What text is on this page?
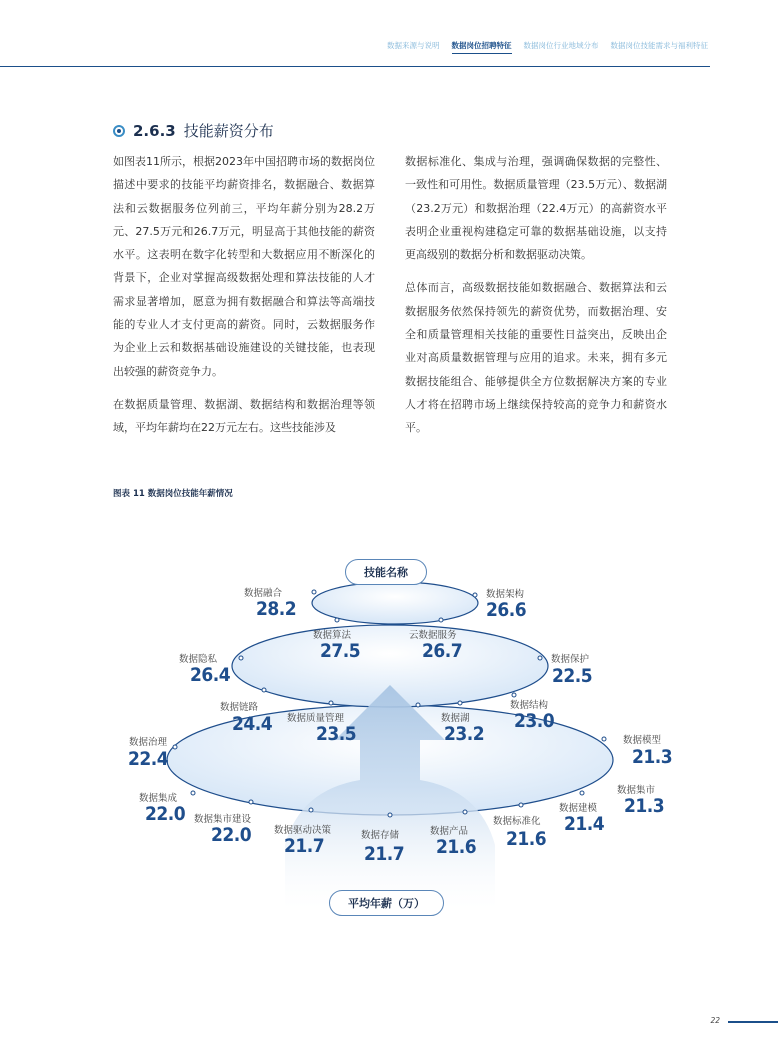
数据来源与说明 数据岗位招聘特征 数据岗位行业地域分布 数据岗位技能需求与福利特征
2.6.3 技能薪资分布

如图表11所示，根据2023年中国招聘市场的数据岗位描述中要求的技能平均薪资排名，数据融合、数据算法和云数据服务位列前三，平均年薪分别为28.2万元、27.5万元和26.7万元，明显高于其他技能的薪资水平。这表明在数字化转型和大数据应用不断深化的背景下，企业对掌握高级数据处理和算法技能的人才需求显著增加，愿意为拥有数据融合和算法等高端技能的专业人才支付更高的薪资。同时，云数据服务作为企业上云和数据基础设施建设的关键技能，也表现出较强的薪资竞争力。

在数据质量管理、数据湖、数据结构和数据治理等领域，平均年薪均在22万元左右。这些技能涉及

数据标准化、集成与治理，强调确保数据的完整性、一致性和可用性。数据质量管理（23.5万元）、数据湖（23.2万元）和数据治理（22.4万元）的高薪资水平表明企业重视构建稳定可靠的数据基础设施，以支持更高级别的数据分析和数据驱动决策。

总体而言，高级数据技能如数据融合、数据算法和云数据服务依然保持领先的薪资优势，而数据治理、安全和质量管理相关技能的重要性日益突出，反映出企业对高质量数据管理与应用的追求。未来，拥有多元数据技能组合、能够提供全方位数据解决方案的专业人才将在招聘市场上继续保持较高的竞争力和薪资水平。

图表 11 数据岗位技能年薪情况
技能名称
平均年薪（万）
数据融合
28.2
数据架构
26.6
数据算法
27.5
云数据服务
26.7
数据隐私
26.4
数据保护
22.5
数据链路
24.4 数据质量管理
23.5
数据湖
23.2
数据结构
23.0
数据治理
22.4
数据模型
21.3
数据集成
22.0
数据集市
21.3
数据集市建设
22.0
数据建模
21.4
数据驱动决策
21.7	数据存储
21.7
数据产品
21.6
数据标准化
21.6
22
